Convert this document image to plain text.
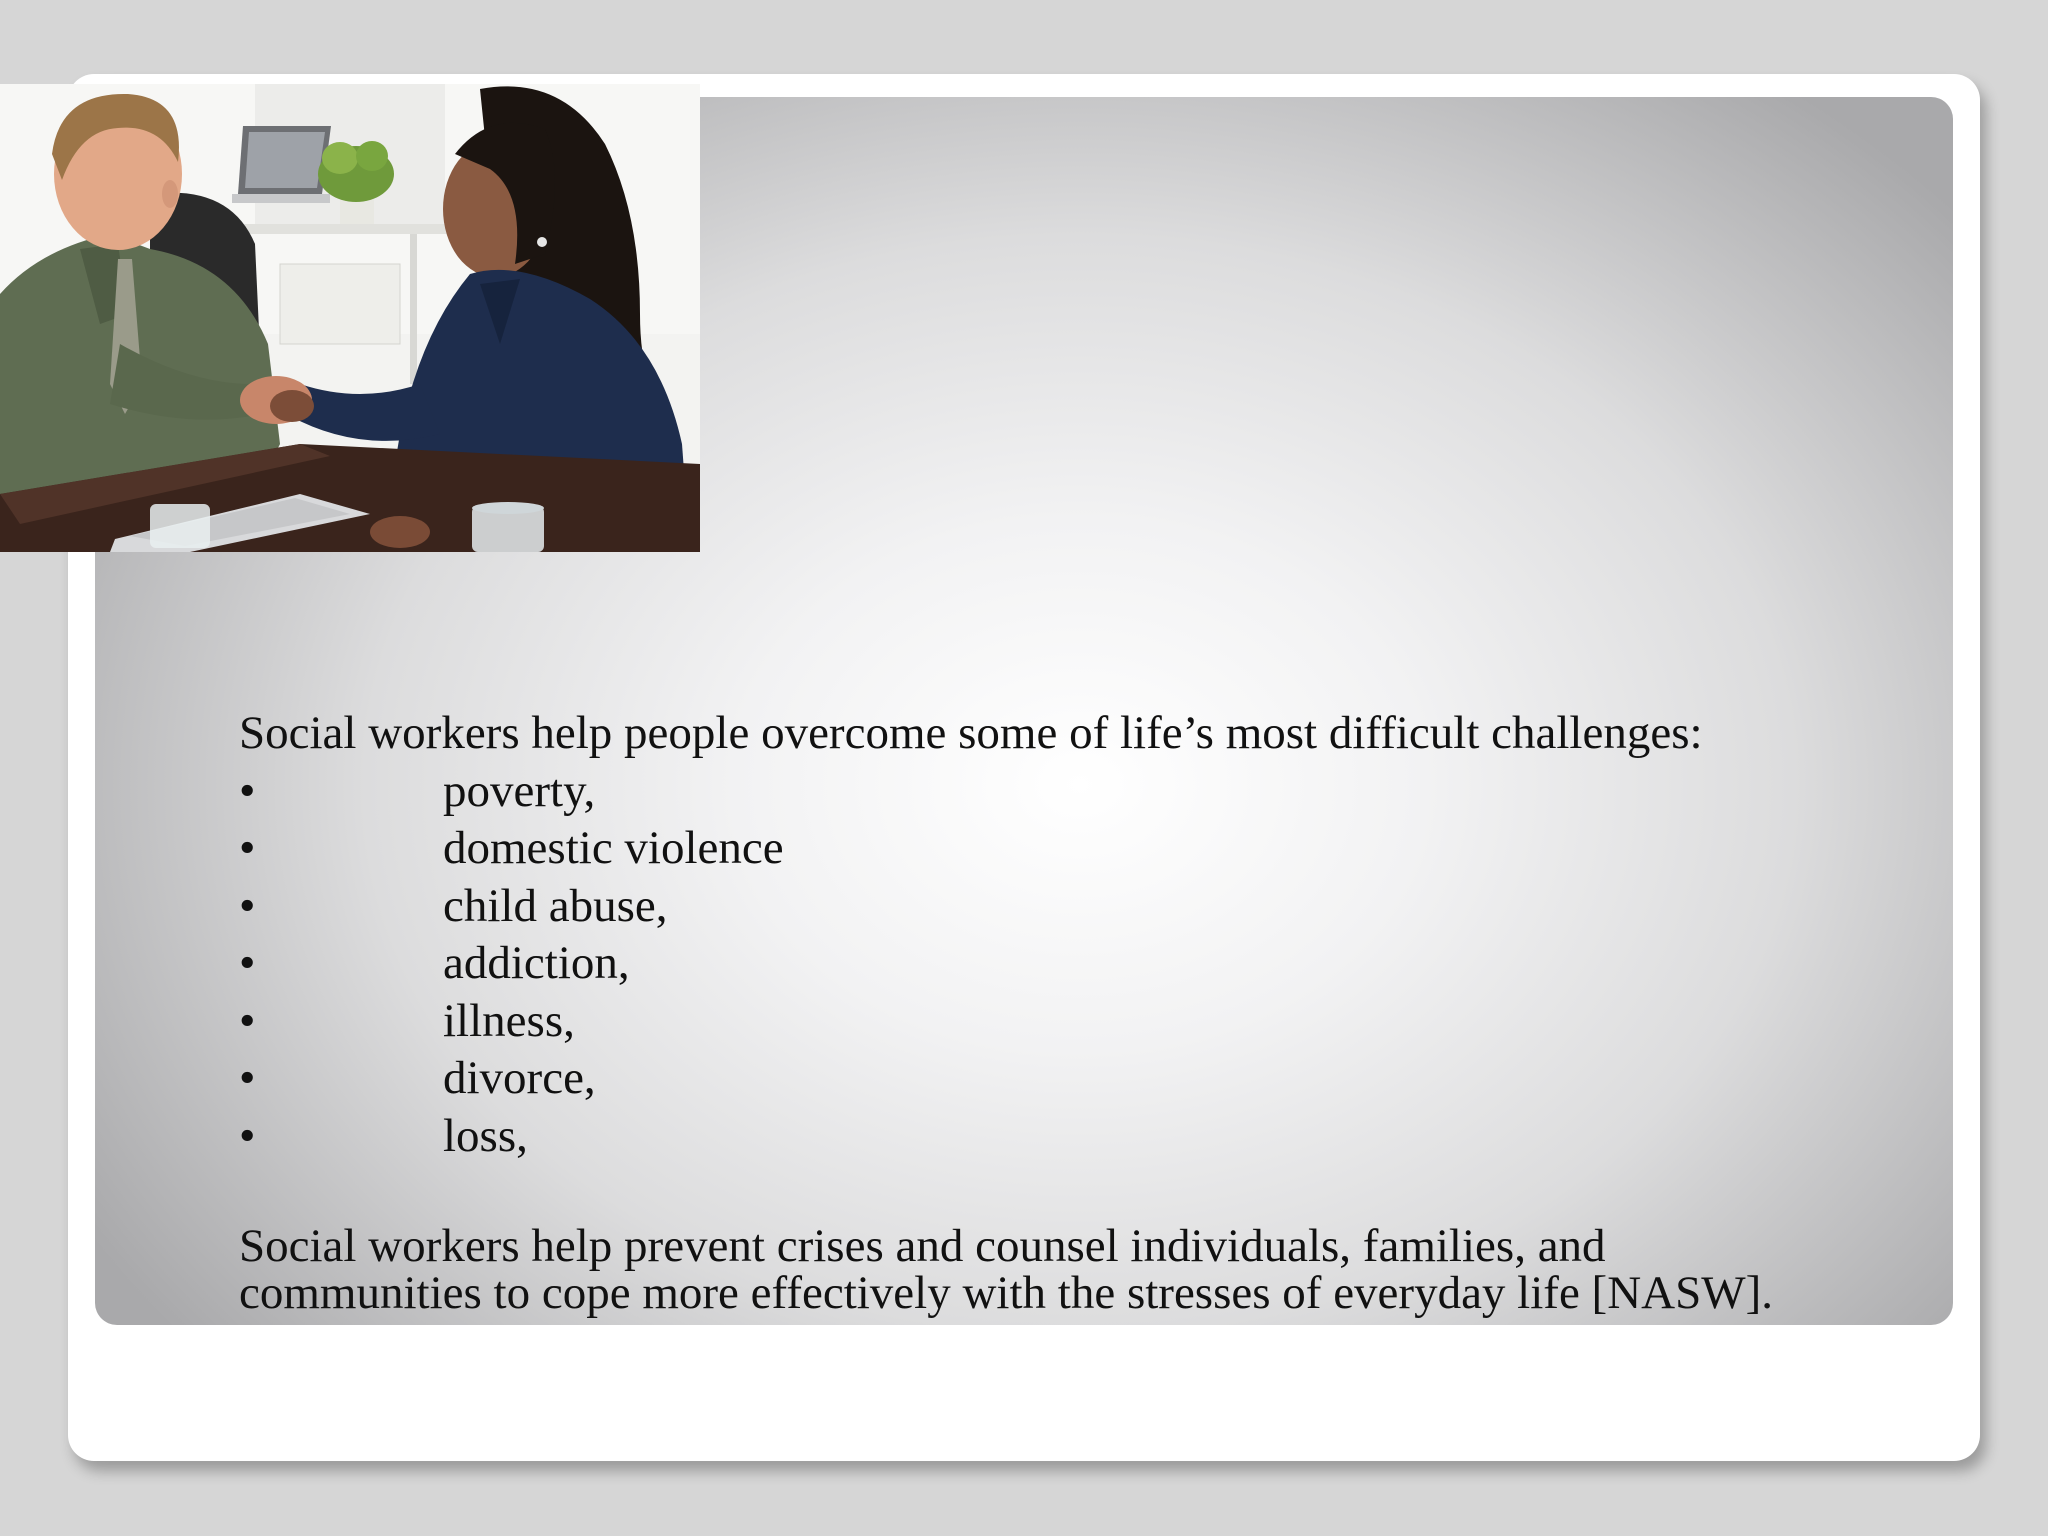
Social workers help people overcome some of life’s most difficult challenges:

•	poverty,
•	domestic violence
•	child abuse,
•	addiction,
•	illness,
•	divorce,
•	loss,

Social workers help prevent crises and counsel individuals, families, and
communities to cope more effectively with the stresses of everyday life [NASW].
